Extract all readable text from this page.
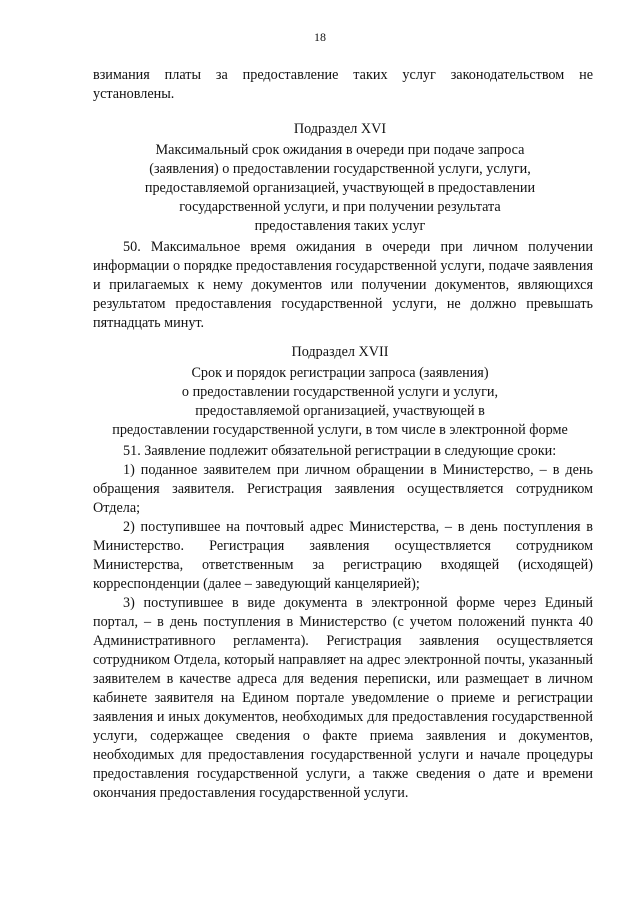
18

взимания платы за предоставление таких услуг законодательством не установлены.

Подраздел XVI
Максимальный срок ожидания в очереди при подаче запроса
(заявления) о предоставлении государственной услуги, услуги,
предоставляемой организацией, участвующей в предоставлении
государственной услуги, и при получении результата
предоставления таких услуг

50. Максимальное время ожидания в очереди при личном получении информации о порядке предоставления государственной услуги, подаче заявления и прилагаемых к нему документов или получении документов, являющихся результатом предоставления государственной услуги, не должно превышать пятнадцать минут.

Подраздел XVII
Срок и порядок регистрации запроса (заявления)
о предоставлении государственной услуги и услуги,
предоставляемой организацией, участвующей в
предоставлении государственной услуги, в том числе в электронной форме

51. Заявление подлежит обязательной регистрации в следующие сроки:

1) поданное заявителем при личном обращении в Министерство, – в день обращения заявителя. Регистрация заявления осуществляется сотрудником Отдела;

2) поступившее на почтовый адрес Министерства, – в день поступления в Министерство. Регистрация заявления осуществляется сотрудником Министерства, ответственным за регистрацию входящей (исходящей) корреспонденции (далее – заведующий канцелярией);

3) поступившее в виде документа в электронной форме через Единый портал, – в день поступления в Министерство (с учетом положений пункта 40 Административного регламента). Регистрация заявления осуществляется сотрудником Отдела, который направляет на адрес электронной почты, указанный заявителем в качестве адреса для ведения переписки, или размещает в личном кабинете заявителя на Едином портале уведомление о приеме и регистрации заявления и иных документов, необходимых для предоставления государственной услуги, содержащее сведения о факте приема заявления и документов, необходимых для предоставления государственной услуги и начале процедуры предоставления государственной услуги, а также сведения о дате и времени окончания предоставления государственной услуги.
